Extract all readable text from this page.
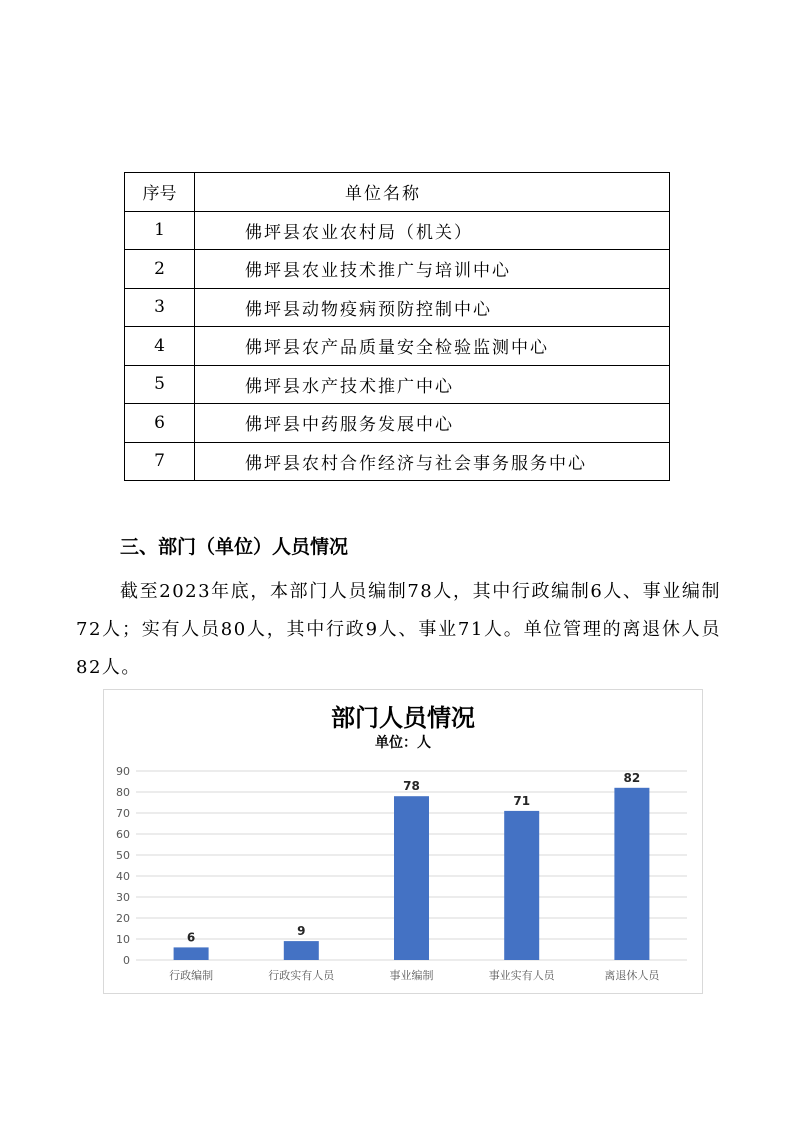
序号	单位名称
1	佛坪县农业农村局（机关）
2	佛坪县农业技术推广与培训中心
3	佛坪县动物疫病预防控制中心
4	佛坪县农产品质量安全检验监测中心
5	佛坪县水产技术推广中心
6	佛坪县中药服务发展中心
7	佛坪县农村合作经济与社会事务服务中心
三、部门（单位）人员情况

截至2023年底，本部门人员编制78人，其中行政编制6人、事业编制72人；实有人员80人，其中行政9人、事业71人。单位管理的离退休人员82人。

部门人员情况
单位：人
0
10
20
30
40
50
60
70
80
90
6
行政编制
9
行政实有人员
78
事业编制
71
事业实有人员
82
离退休人员
